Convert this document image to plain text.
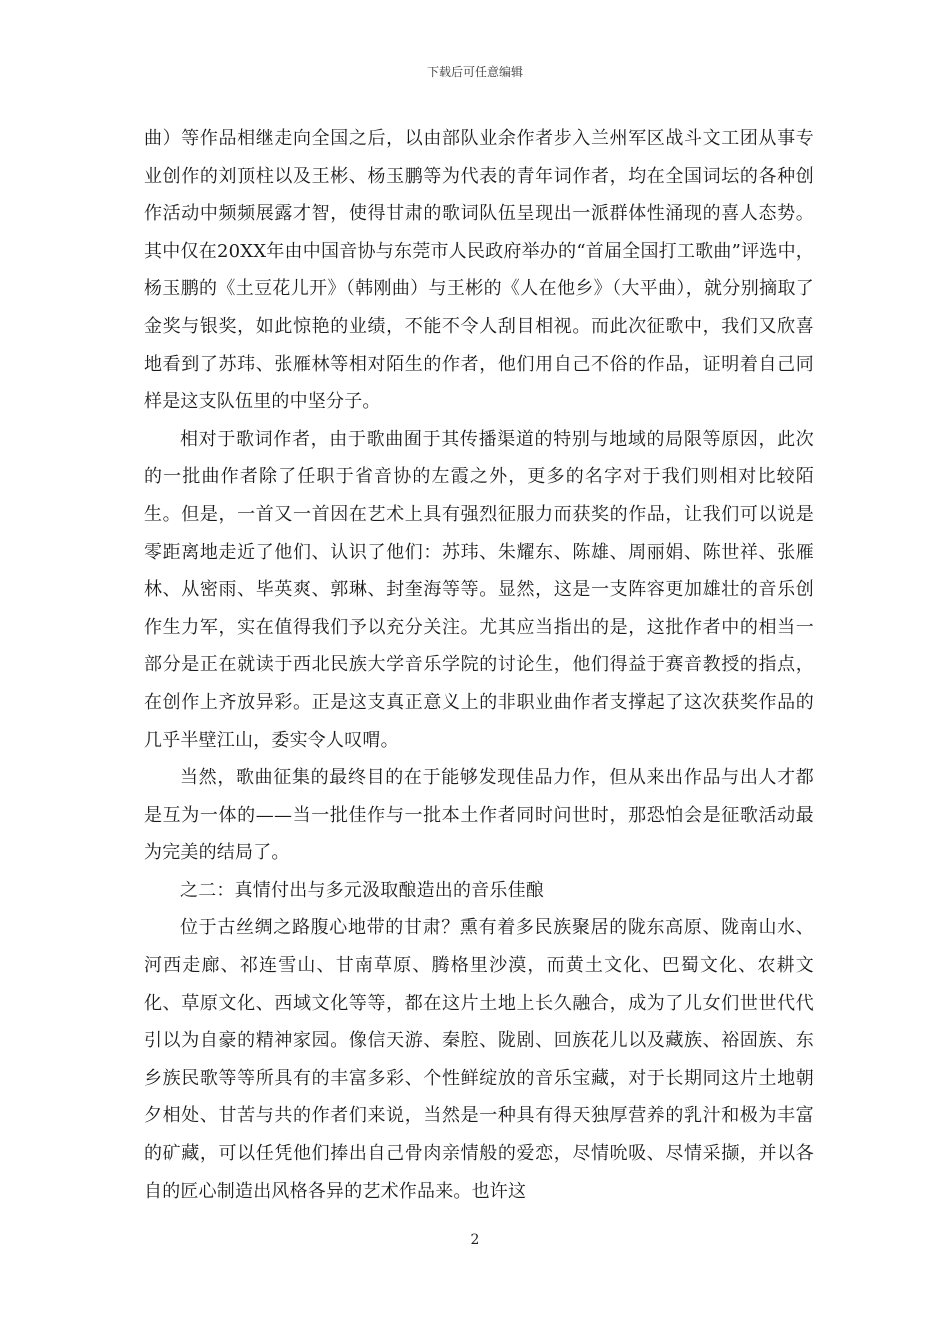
下载后可任意编辑

曲）等作品相继走向全国之后，以由部队业余作者步入兰州军区战斗文工团从事专业创作的刘顶柱以及王彬、杨玉鹏等为代表的青年词作者，均在全国词坛的各种创作活动中频频展露才智，使得甘肃的歌词队伍呈现出一派群体性涌现的喜人态势。其中仅在20XX年由中国音协与东莞市人民政府举办的“首届全国打工歌曲”评选中，杨玉鹏的《土豆花儿开》（韩刚曲）与王彬的《人在他乡》（大平曲），就分别摘取了金奖与银奖，如此惊艳的业绩，不能不令人刮目相视。而此次征歌中，我们又欣喜地看到了苏玮、张雁林等相对陌生的作者，他们用自己不俗的作品，证明着自己同样是这支队伍里的中坚分子。

相对于歌词作者，由于歌曲囿于其传播渠道的特别与地域的局限等原因，此次的一批曲作者除了任职于省音协的左霞之外，更多的名字对于我们则相对比较陌生。但是，一首又一首因在艺术上具有强烈征服力而获奖的作品，让我们可以说是零距离地走近了他们、认识了他们：苏玮、朱耀东、陈雄、周丽娟、陈世祥、张雁林、从密雨、毕英爽、郭琳、封奎海等等。显然，这是一支阵容更加雄壮的音乐创作生力军，实在值得我们予以充分关注。尤其应当指出的是，这批作者中的相当一部分是正在就读于西北民族大学音乐学院的讨论生，他们得益于赛音教授的指点，在创作上齐放异彩。正是这支真正意义上的非职业曲作者支撑起了这次获奖作品的几乎半壁江山，委实令人叹喟。

当然，歌曲征集的最终目的在于能够发现佳品力作，但从来出作品与出人才都是互为一体的——当一批佳作与一批本土作者同时问世时，那恐怕会是征歌活动最为完美的结局了。

之二：真情付出与多元汲取酿造出的音乐佳酿

位于古丝绸之路腹心地带的甘肃？熏有着多民族聚居的陇东高原、陇南山水、河西走廊、祁连雪山、甘南草原、腾格里沙漠，而黄土文化、巴蜀文化、农耕文化、草原文化、西域文化等等，都在这片土地上长久融合，成为了儿女们世世代代引以为自豪的精神家园。像信天游、秦腔、陇剧、回族花儿以及藏族、裕固族、东乡族民歌等等所具有的丰富多彩、个性鲜绽放的音乐宝藏，对于长期同这片土地朝夕相处、甘苦与共的作者们来说，当然是一种具有得天独厚营养的乳汁和极为丰富的矿藏，可以任凭他们捧出自己骨肉亲情般的爱恋，尽情吮吸、尽情采撷，并以各自的匠心制造出风格各异的艺术作品来。也许这

2
